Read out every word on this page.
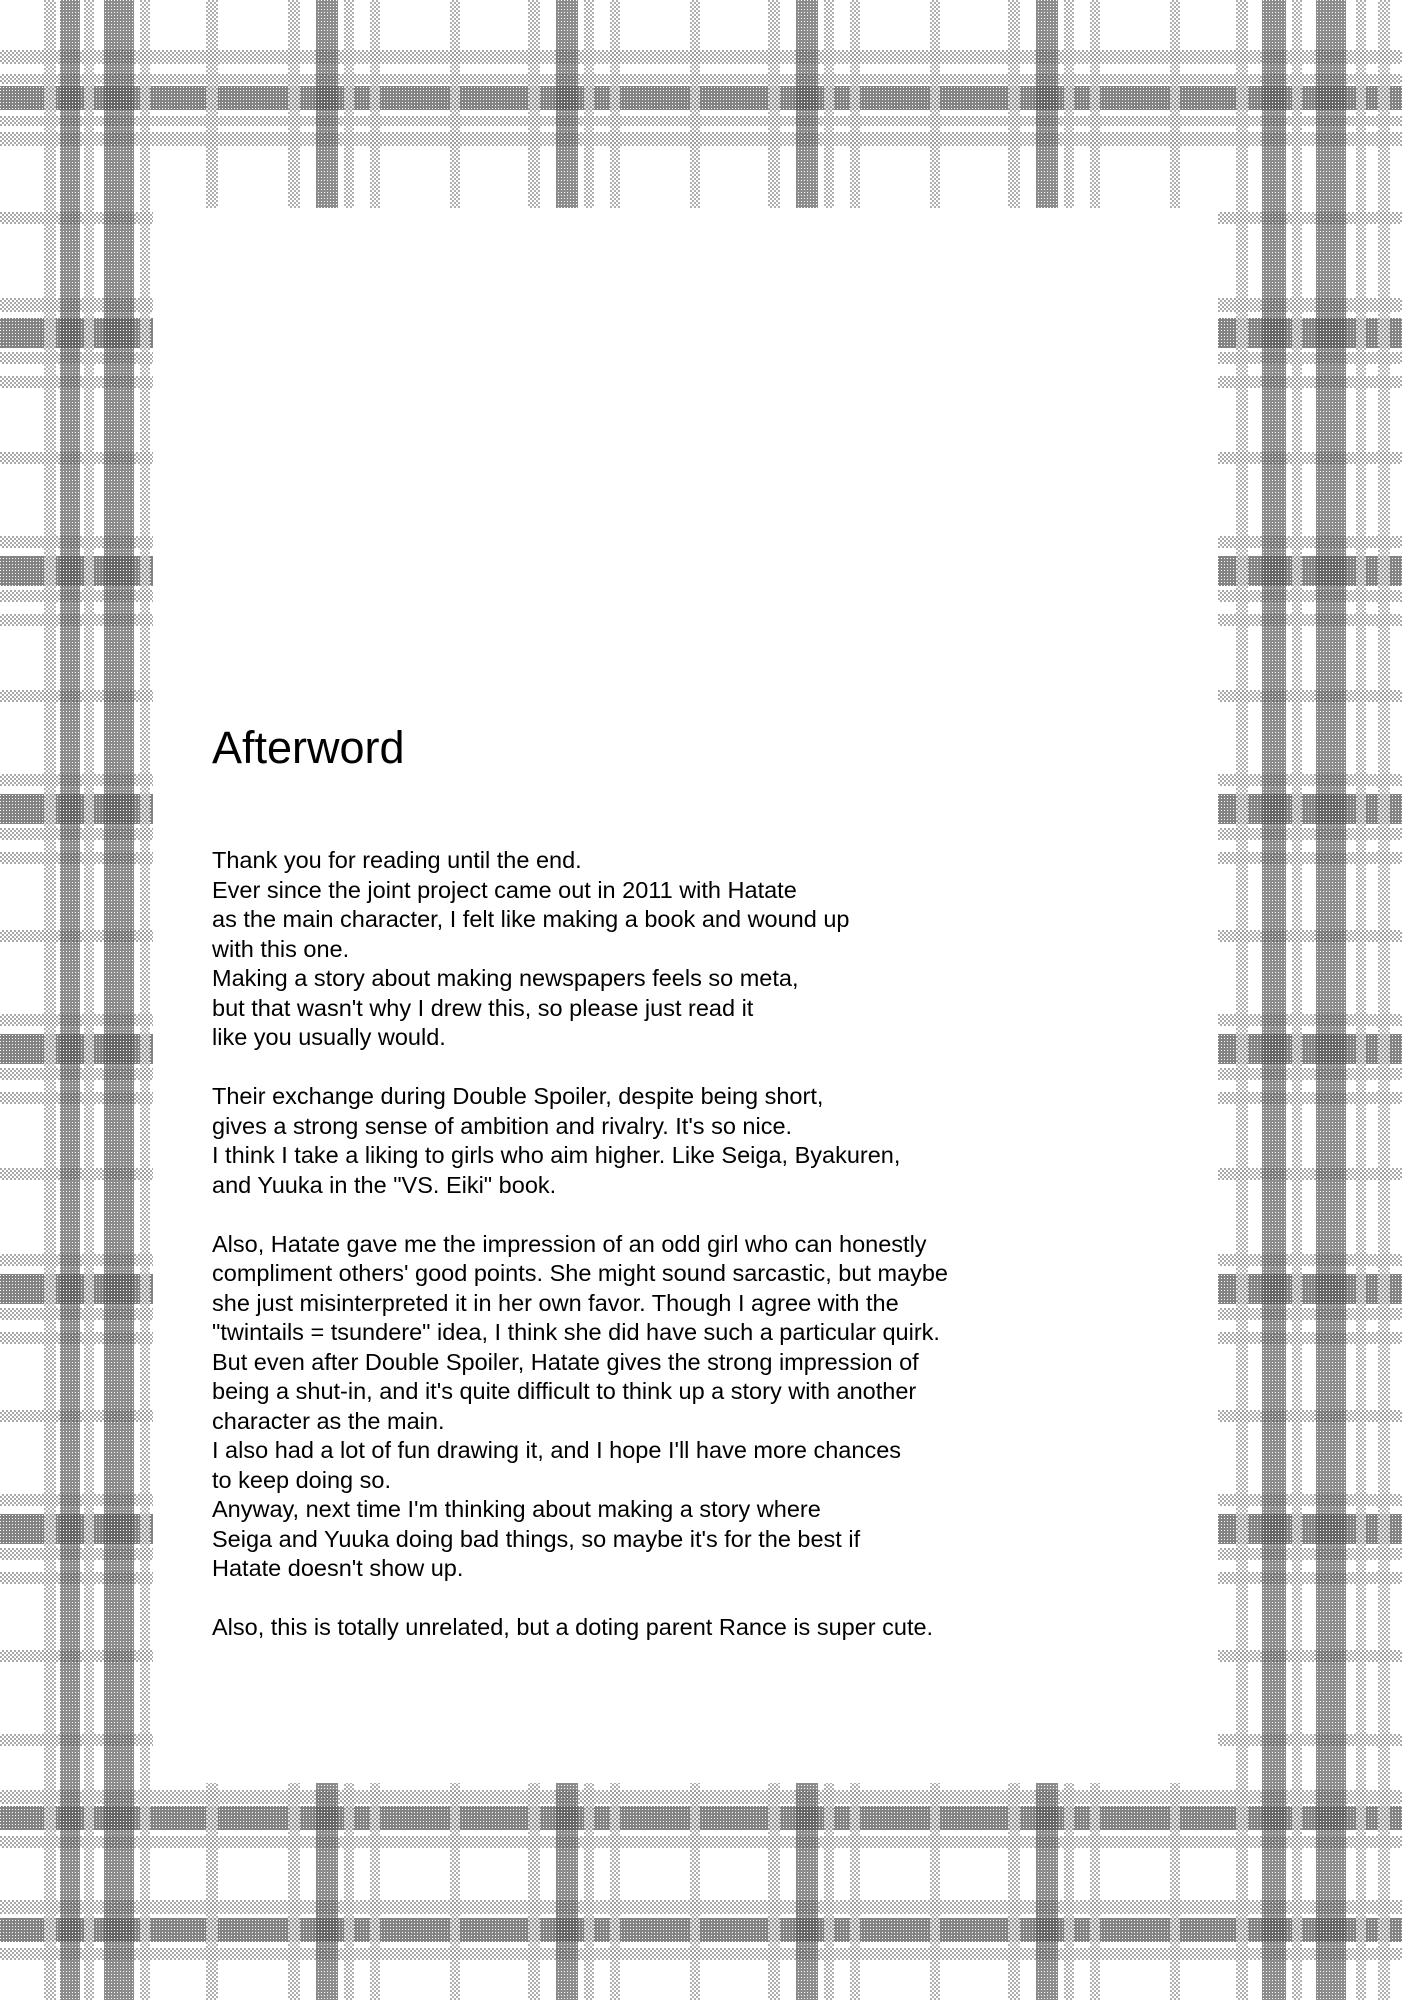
Afterword
Thank you for reading until the end.
Ever since the joint project came out in 2011 with Hatate
as the main character, I felt like making a book and wound up
with this one.
Making a story about making newspapers feels so meta,
but that wasn't why I drew this, so please just read it
like you usually would.
Their exchange during Double Spoiler, despite being short,
gives a strong sense of ambition and rivalry. It's so nice.
I think I take a liking to girls who aim higher. Like Seiga, Byakuren,
and Yuuka in the "VS. Eiki" book.
Also, Hatate gave me the impression of an odd girl who can honestly
compliment others' good points. She might sound sarcastic, but maybe
she just misinterpreted it in her own favor. Though I agree with the
"twintails = tsundere" idea, I think she did have such a particular quirk.
But even after Double Spoiler, Hatate gives the strong impression of
being a shut-in, and it's quite difficult to think up a story with another
character as the main.
I also had a lot of fun drawing it, and I hope I'll have more chances
to keep doing so.
Anyway, next time I'm thinking about making a story where
Seiga and Yuuka doing bad things, so maybe it's for the best if
Hatate doesn't show up.
Also, this is totally unrelated, but a doting parent Rance is super cute.
